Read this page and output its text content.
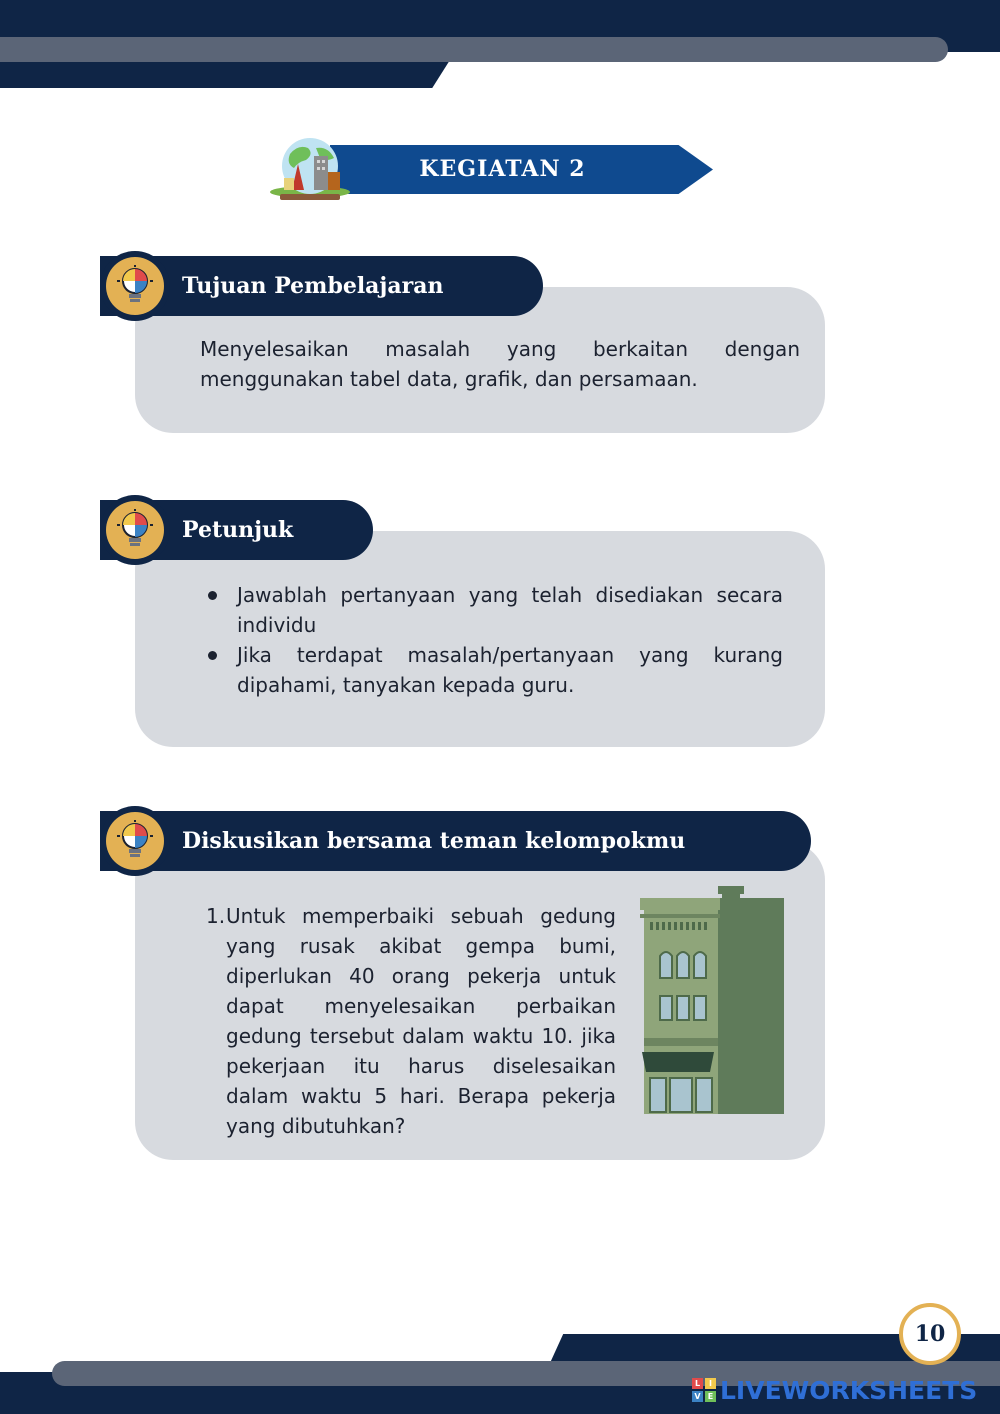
KEGIATAN 2
Tujuan Pembelajaran
Menyelesaikan masalah yang berkaitan dengan menggunakan tabel data, grafik, dan persamaan.
Petunjuk
Jawablah pertanyaan yang telah disediakan secara individu
Jika terdapat masalah/pertanyaan yang kurang dipahami, tanyakan kepada guru.
Diskusikan bersama teman kelompokmu
1. Untuk memperbaiki sebuah gedung yang rusak akibat gempa bumi, diperlukan 40 orang pekerja untuk dapat menyelesaikan perbaikan gedung tersebut dalam waktu 10. jika pekerjaan itu harus diselesaikan dalam waktu 5 hari. Berapa pekerja yang dibutuhkan?
10
L	I
V E LIVEWORKSHEETS
